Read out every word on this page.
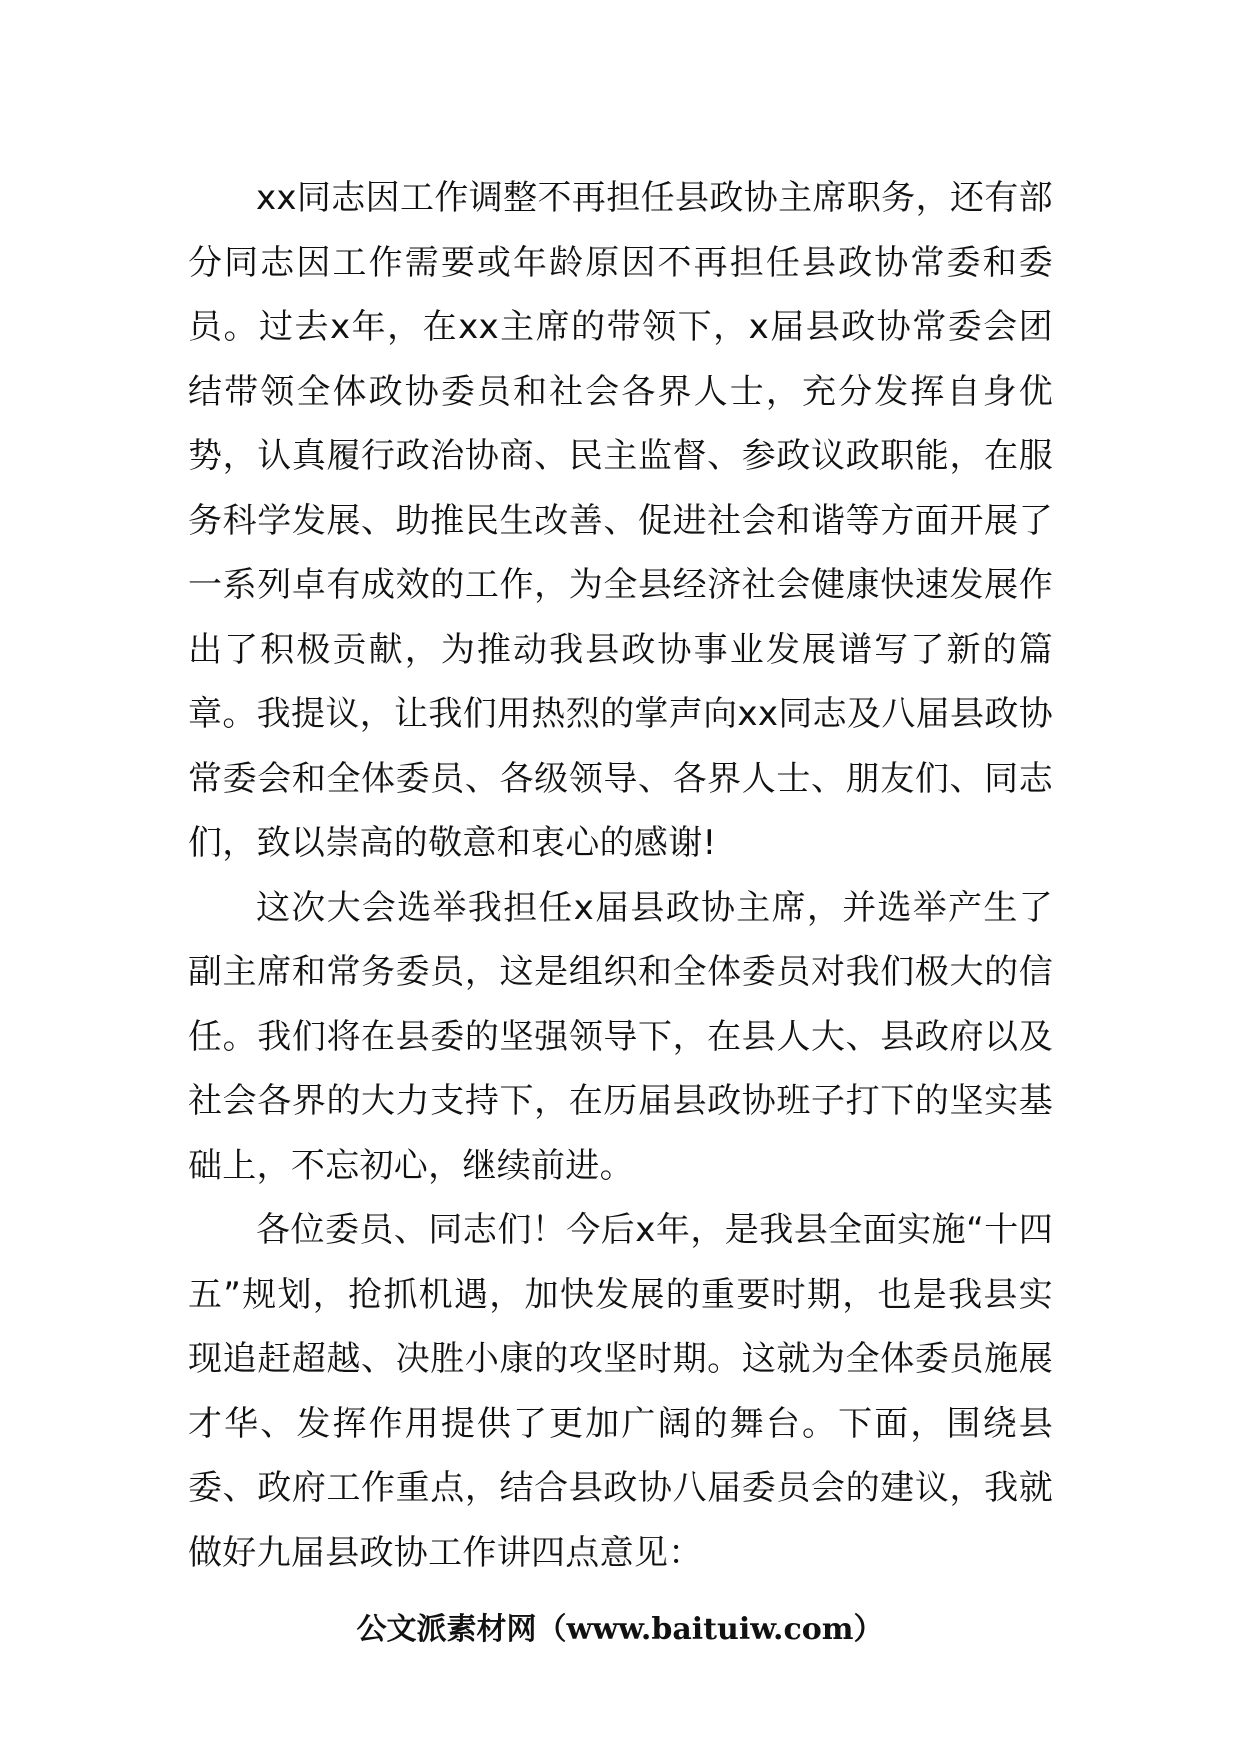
xx同志因工作调整不再担任县政协主席职务，还有部分同志因工作需要或年龄原因不再担任县政协常委和委员。过去x年，在xx主席的带领下，x届县政协常委会团结带领全体政协委员和社会各界人士，充分发挥自身优势，认真履行政治协商、民主监督、参政议政职能，在服务科学发展、助推民生改善、促进社会和谐等方面开展了一系列卓有成效的工作，为全县经济社会健康快速发展作出了积极贡献，为推动我县政协事业发展谱写了新的篇章。我提议，让我们用热烈的掌声向xx同志及八届县政协常委会和全体委员、各级领导、各界人士、朋友们、同志们，致以崇高的敬意和衷心的感谢!

这次大会选举我担任x届县政协主席，并选举产生了副主席和常务委员，这是组织和全体委员对我们极大的信任。我们将在县委的坚强领导下，在县人大、县政府以及社会各界的大力支持下，在历届县政协班子打下的坚实基础上，不忘初心，继续前进。

各位委员、同志们！今后x年，是我县全面实施“十四五”规划，抢抓机遇，加快发展的重要时期，也是我县实现追赶超越、决胜小康的攻坚时期。这就为全体委员施展才华、发挥作用提供了更加广阔的舞台。下面，围绕县委、政府工作重点，结合县政协八届委员会的建议，我就做好九届县政协工作讲四点意见：

公文派素材网（www.baituiw.com）
